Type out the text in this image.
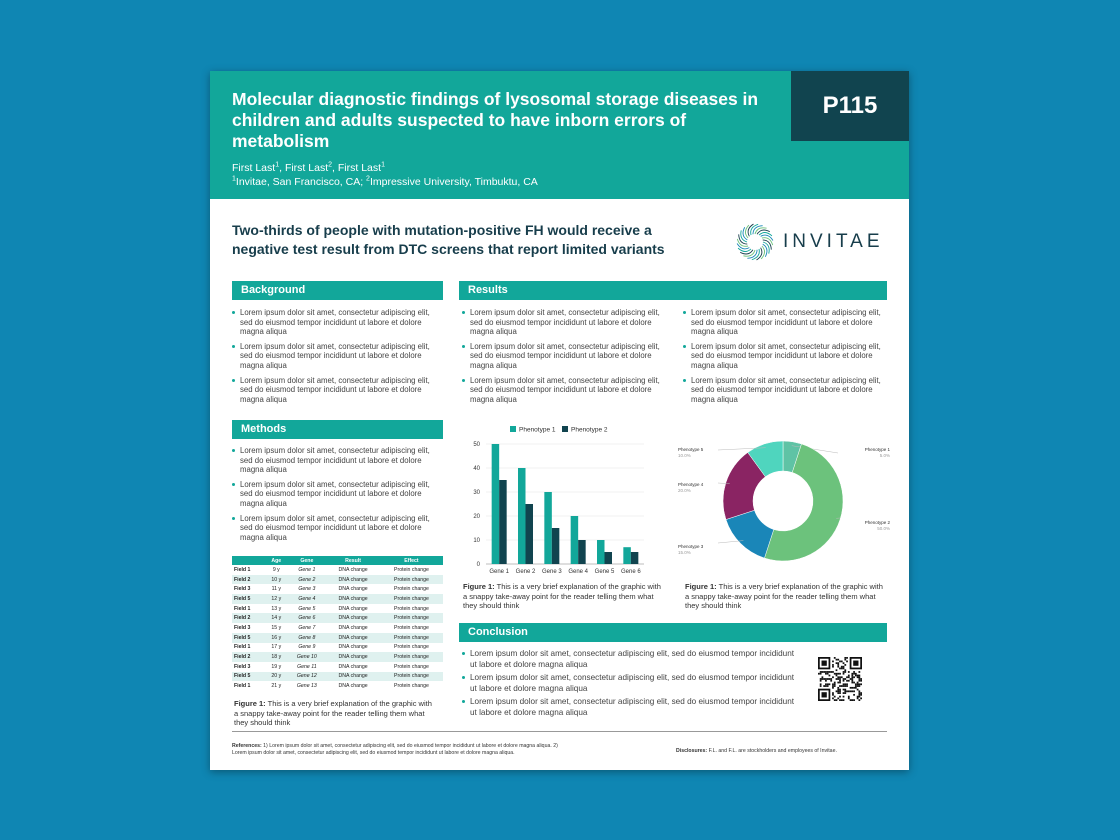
Molecular diagnostic findings of lysosomal storage diseases in children and adults suspected to have inborn errors of metabolism
First Last$^1$, First Last$^2$, First Last$^1$
$^1$Invitae, San Francisco, CA; $^2$Impressive University, Timbuktu, CA
P115
Two-thirds of people with mutation-positive FH would receive a negative test result from DTC screens that report limited variants	INVITAE
Background
Lorem ipsum dolor sit amet, consectetur adipiscing elit, sed do eiusmod tempor incididunt ut labore et dolore magna aliqua
Lorem ipsum dolor sit amet, consectetur adipiscing elit, sed do eiusmod tempor incididunt ut labore et dolore magna aliqua
Lorem ipsum dolor sit amet, consectetur adipiscing elit, sed do eiusmod tempor incididunt ut labore et dolore magna aliqua
Methods
Lorem ipsum dolor sit amet, consectetur adipiscing elit, sed do eiusmod tempor incididunt ut labore et dolore magna aliqua
Lorem ipsum dolor sit amet, consectetur adipiscing elit, sed do eiusmod tempor incididunt ut labore et dolore magna aliqua
Lorem ipsum dolor sit amet, consectetur adipiscing elit, sed do eiusmod tempor incididunt ut labore et dolore magna aliqua
	Age	Gene	Result	Effect
Field 1	9 y	Gene 1	DNA change	Protein change
Field 2	10 y	Gene 2	DNA change	Protein change
Field 3	11 y	Gene 3	DNA change	Protein change
Field 5	12 y	Gene 4	DNA change	Protein change
Field 1	13 y	Gene 5	DNA change	Protein change
Field 2	14 y	Gene 6	DNA change	Protein change
Field 3	15 y	Gene 7	DNA change	Protein change
Field 5	16 y	Gene 8	DNA change	Protein change
Field 1	17 y	Gene 9	DNA change	Protein change
Field 2	18 y	Gene 10	DNA change	Protein change
Field 3	19 y	Gene 11	DNA change	Protein change
Field 5	20 y	Gene 12	DNA change	Protein change
Field 1	21 y	Gene 13	DNA change	Protein change
Figure 1: This is a very brief explanation of the graphic with a snappy take-away point for the reader telling them what they should think
Results
Lorem ipsum dolor sit amet, consectetur adipiscing elit, sed do eiusmod tempor incididunt ut labore et dolore magna aliqua
Lorem ipsum dolor sit amet, consectetur adipiscing elit, sed do eiusmod tempor incididunt ut labore et dolore magna aliqua
Lorem ipsum dolor sit amet, consectetur adipiscing elit, sed do eiusmod tempor incididunt ut labore et dolore magna aliqua
Lorem ipsum dolor sit amet, consectetur adipiscing elit, sed do eiusmod tempor incididunt ut labore et dolore magna aliqua
Lorem ipsum dolor sit amet, consectetur adipiscing elit, sed do eiusmod tempor incididunt ut labore et dolore magna aliqua
Lorem ipsum dolor sit amet, consectetur adipiscing elit, sed do eiusmod tempor incididunt ut labore et dolore magna aliqua
0
10
20
30
40
50
Gene 1 Gene 2 Gene 3 Gene 4 Gene 5 Gene 6
Phenotype 1 Phenotype 2
Figure 1: This is a very brief explanation of the graphic with a snappy take-away point for the reader telling them what they should think
Phenotype 1
5.0%
Phenotype 2
50.0%
Phenotype 3
15.0%
Phenotype 4
20.0%
Phenotype 5
10.0%
Figure 1: This is a very brief explanation of the graphic with a snappy take-away point for the reader telling them what they should think
Conclusion
Lorem ipsum dolor sit amet, consectetur adipiscing elit, sed do eiusmod tempor incididunt ut labore et dolore magna aliqua
Lorem ipsum dolor sit amet, consectetur adipiscing elit, sed do eiusmod tempor incididunt ut labore et dolore magna aliqua
Lorem ipsum dolor sit amet, consectetur adipiscing elit, sed do eiusmod tempor incididunt ut labore et dolore magna aliqua
References: 1) Lorem ipsum dolor sit amet, consectetur adipiscing elit, sed do eiusmod tempor incididunt ut labore et dolore magna aliqua. 2) Lorem ipsum dolor sit amet, consectetur adipiscing elit, sed do eiusmod tempor incididunt ut labore et dolore magna aliqua.	Disclosures: F.L. and F.L. are stockholders and employees of Invitae.
